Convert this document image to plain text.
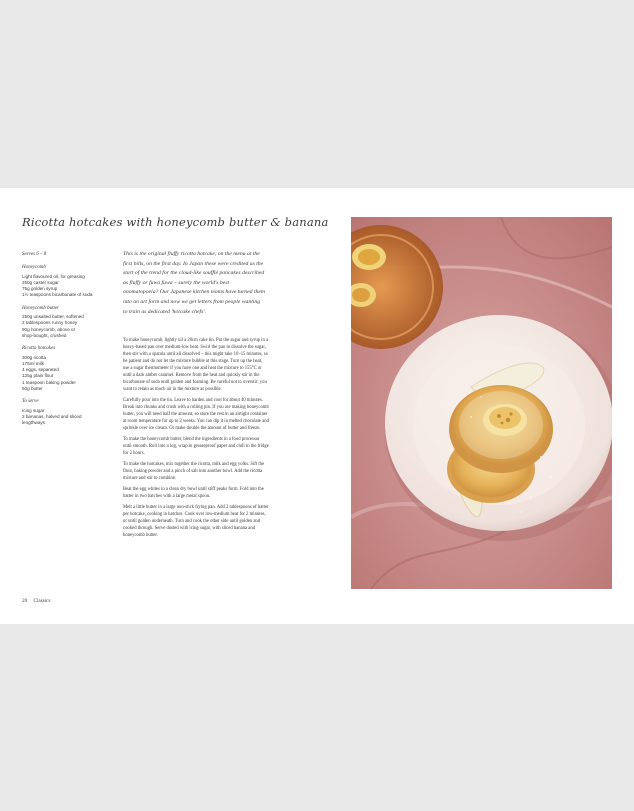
Ricotta hotcakes with honeycomb butter & banana
Serves 6 – 8
Honeycomb
Light flavoured oil, for greasing
250g caster sugar
75g golden syrup
1½ teaspoons bicarbonate of soda
Honeycomb butter
250g unsalted butter, softened
2 tablespoons runny honey
90g honeycomb, above or
shop-bought, crushed
Ricotta hotcakes
300g ricotta
175ml milk
4 eggs, separated
125g plain flour
1 teaspoon baking powder
50g butter
To serve
Icing sugar
2 bananas, halved and sliced
lengthways
This is the original fluffy ricotta hotcake, on the menu at the first bills, on the first day. In Japan these were credited as the start of the trend for the cloud-like soufflé pancakes described as fluffy or fuwa fuwa – surely the world's best onomatopoeia? Our Japanese kitchen teams have turned them into an art form and now we get letters from people wanting to train as dedicated 'hotcake chefs'.

To make honeycomb, lightly oil a 20cm cake tin. Put the sugar and syrup in a heavy-based pan over medium-low heat. Swirl the pan to dissolve the sugar, then stir with a spatula until all dissolved – this might take 10–15 minutes, so be patient and do not let the mixture bubble at this stage. Turn up the heat, use a sugar thermometer if you have one and heat the mixture to 155°C or until a dark amber caramel. Remove from the heat and quickly stir in the bicarbonate of soda until golden and foaming. Be careful not to overstir; you want to retain as much air in the mixture as possible.

Carefully pour into the tin. Leave to harden and cool for about 40 minutes. Break into chunks and crush with a rolling pin. If you are making honeycomb butter, you will need half the amount, so store the rest in an airtight container at room temperature for up to 2 weeks. You can dip it in melted chocolate and sprinkle over ice cream. Or make double the amount of butter and freeze.

To make the honeycomb butter, blend the ingredients in a food processor until smooth. Roll into a log, wrap in greaseproof paper and chill in the fridge for 2 hours.

To make the hotcakes, mix together the ricotta, milk and egg yolks. Sift the flour, baking powder and a pinch of salt into another bowl. Add the ricotta mixture and stir to combine.

Beat the egg whites in a clean dry bowl until stiff peaks form. Fold into the batter in two batches with a large metal spoon.

Melt a little butter in a large non-stick frying pan. Add 2 tablespoons of batter per hotcake, cooking in batches. Cook over low-medium heat for 2 minutes, or until golden underneath. Turn and cook the other side until golden and cooked through. Serve dusted with icing sugar, with sliced banana and honeycomb butter.

20 Classics
